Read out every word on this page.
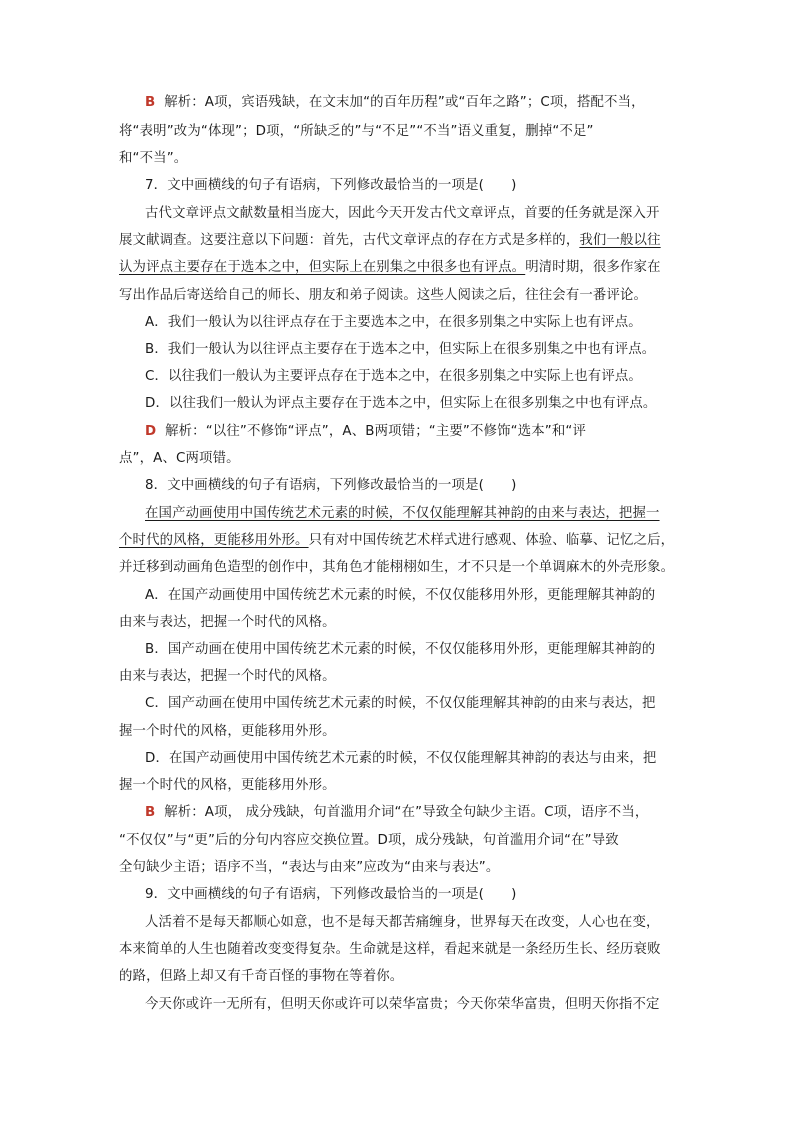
B 解析：A项，宾语残缺，在文末加“的百年历程”或“百年之路”；C项，搭配不当，
将“表明”改为“体现”；D项，“所缺乏的”与“不足”“不当”语义重复，删掉“不足”
和“不当”。
7．文中画横线的句子有语病，下列修改最恰当的一项是(　　)
古代文章评点文献数量相当庞大，因此今天开发古代文章评点，首要的任务就是深入开
展文献调查。这要注意以下问题：首先，古代文章评点的存在方式是多样的，我们一般以往
认为评点主要存在于选本之中，但实际上在别集之中很多也有评点。明清时期，很多作家在
写出作品后寄送给自己的师长、朋友和弟子阅读。这些人阅读之后，往往会有一番评论。
A．我们一般认为以往评点存在于主要选本之中，在很多别集之中实际上也有评点。
B．我们一般认为以往评点主要存在于选本之中，但实际上在很多别集之中也有评点。
C．以往我们一般认为主要评点存在于选本之中，在很多别集之中实际上也有评点。
D．以往我们一般认为评点主要存在于选本之中，但实际上在很多别集之中也有评点。
D 解析：“以往”不修饰“评点”，A、B两项错；“主要”不修饰“选本”和“评
点”，A、C两项错。
8．文中画横线的句子有语病，下列修改最恰当的一项是(　　)
在国产动画使用中国传统艺术元素的时候，不仅仅能理解其神韵的由来与表达，把握一
个时代的风格，更能移用外形。只有对中国传统艺术样式进行感观、体验、临摹、记忆之后，
并迁移到动画角色造型的创作中，其角色才能栩栩如生，才不只是一个单调麻木的外壳形象。
A．在国产动画使用中国传统艺术元素的时候，不仅仅能移用外形，更能理解其神韵的
由来与表达，把握一个时代的风格。
B．国产动画在使用中国传统艺术元素的时候，不仅仅能移用外形，更能理解其神韵的
由来与表达，把握一个时代的风格。
C．国产动画在使用中国传统艺术元素的时候，不仅仅能理解其神韵的由来与表达，把
握一个时代的风格，更能移用外形。
D．在国产动画使用中国传统艺术元素的时候，不仅仅能理解其神韵的表达与由来，把
握一个时代的风格，更能移用外形。
B 解析：A项， 成分残缺，句首滥用介词“在”导致全句缺少主语。C项，语序不当，
“不仅仅”与“更”后的分句内容应交换位置。D项，成分残缺，句首滥用介词“在”导致
全句缺少主语；语序不当，“表达与由来”应改为“由来与表达”。
9．文中画横线的句子有语病，下列修改最恰当的一项是(　　)
人活着不是每天都顺心如意，也不是每天都苦痛缠身，世界每天在改变，人心也在变，
本来简单的人生也随着改变变得复杂。生命就是这样，看起来就是一条经历生长、经历衰败
的路，但路上却又有千奇百怪的事物在等着你。
今天你或许一无所有，但明天你或许可以荣华富贵；今天你荣华富贵，但明天你指不定
